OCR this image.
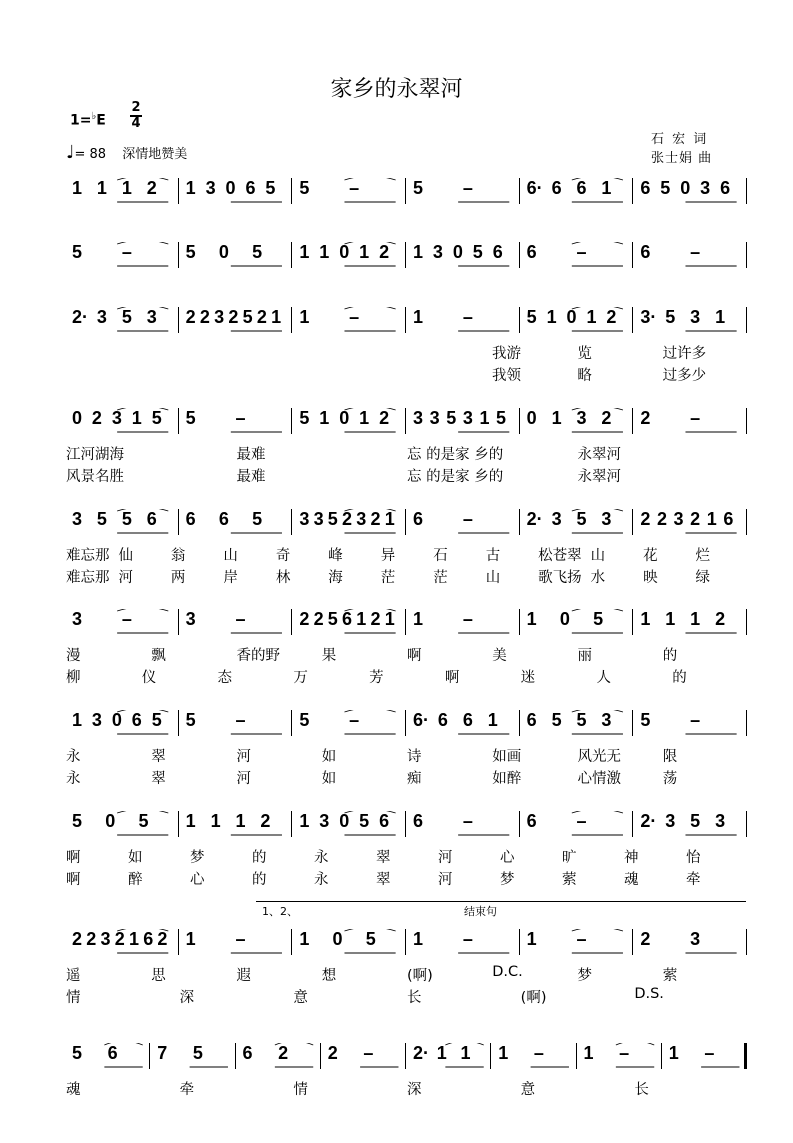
家乡的永翠河
1=♭E
2
4
♩= 88 深情地赞美
石 宏 词
张士娟 曲
1 1 1 2 1 3 0 6 5 5 –	5 –	6· 6 6 1 6 5 0 3 6
5 –	5 0 5 1 1 0 1 2 1 3 0 5 6 6 –	6 –
2· 3 5 3 2 2 3 2 5 2 1 1 –	1 –	5 1 0 1 2 3· 5 3 1
我游	览	过许多
我领	略	过多少
0 2 3 1 5 5 –	5 1 0 1 2 3 3 5 3 1 5 0 1 3 2 2 –
江河湖海	最难	忘 的是家 乡的	永翠河
风景名胜	最难	忘 的是家 乡的	永翠河
3 5 5 6 6 6 5 3 3 5 2 3 2 1 6 –	2· 3 5 3 2 2 3 2 1 6
难忘那 仙	翁	山	奇	峰	异	石	古	松苍翠 山	花	烂
难忘那 河	两	岸	林	海	茫	茫	山	歌飞扬 水	映	绿
3 –	3 –	2 2 5 6 1 2 1 1 –	1 0 5 1 1 1 2
漫	飘	香的野	果	啊	美	丽	的
柳	仪	态	万	芳	啊	迷	人	的
1 3 0 6 5 5 –	5 –	6· 6 6 1 6 5 5 3 5 –
永	翠	河	如	诗	如画	风光无	限
永	翠	河	如	痴	如醉	心情激	荡
5 0 5 1 1 1 2 1 3 0 5 6 6 –	6 –	2· 3 5 3
啊	如	梦	的	永	翠	河	心	旷	神	怡
啊	醉	心	的	永	翠	河	梦	萦	魂	牵
2 2 3 2 1 6 2 1 –	1 0 5 1 –	1 –	2 3
1、2、	结束句
遥	思	遐	想	(啊)	D.C.	梦	萦
情	深	意	长	(啊)	D.S.
5 6 7 5 6 2 2 – 2· 1 1 1 – 1 – 1 –
魂	牵	情	深	意	长
